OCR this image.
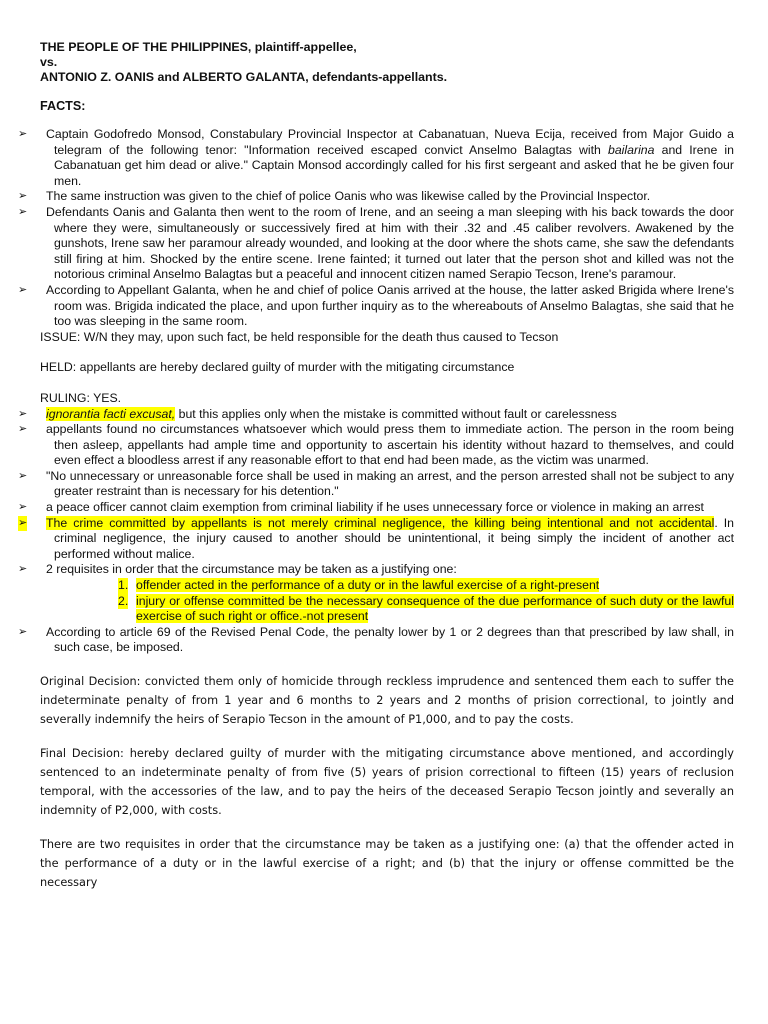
THE PEOPLE OF THE PHILIPPINES, plaintiff-appellee,
vs.
ANTONIO Z. OANIS and ALBERTO GALANTA, defendants-appellants.
FACTS:
➢	Captain Godofredo Monsod, Constabulary Provincial Inspector at Cabanatuan, Nueva Ecija, received from Major Guido a telegram of the following tenor: "Information received escaped convict Anselmo Balagtas with bailarina and Irene in Cabanatuan get him dead or alive." Captain Monsod accordingly called for his first sergeant and asked that he be given four men.
➢	The same instruction was given to the chief of police Oanis who was likewise called by the Provincial Inspector.
➢	Defendants Oanis and Galanta then went to the room of Irene, and an seeing a man sleeping with his back towards the door where they were, simultaneously or successively fired at him with their .32 and .45 caliber revolvers. Awakened by the gunshots, Irene saw her paramour already wounded, and looking at the door where the shots came, she saw the defendants still firing at him. Shocked by the entire scene. Irene fainted; it turned out later that the person shot and killed was not the notorious criminal Anselmo Balagtas but a peaceful and innocent citizen named Serapio Tecson, Irene's paramour.
➢	According to Appellant Galanta, when he and chief of police Oanis arrived at the house, the latter asked Brigida where Irene's room was. Brigida indicated the place, and upon further inquiry as to the whereabouts of Anselmo Balagtas, she said that he too was sleeping in the same room.
ISSUE: W/N they may, upon such fact, be held responsible for the death thus caused to Tecson
HELD: appellants are hereby declared guilty of murder with the mitigating circumstance
RULING: YES.
➢	ignorantia facti excusat, but this applies only when the mistake is committed without fault or carelessness
➢	appellants found no circumstances whatsoever which would press them to immediate action. The person in the room being then asleep, appellants had ample time and opportunity to ascertain his identity without hazard to themselves, and could even effect a bloodless arrest if any reasonable effort to that end had been made, as the victim was unarmed.
➢	"No unnecessary or unreasonable force shall be used in making an arrest, and the person arrested shall not be subject to any greater restraint than is necessary for his detention."
➢	a peace officer cannot claim exemption from criminal liability if he uses unnecessary force or violence in making an arrest
➢	The crime committed by appellants is not merely criminal negligence, the killing being intentional and not accidental. In criminal negligence, the injury caused to another should be unintentional, it being simply the incident of another act performed without malice.
➢	2 requisites in order that the circumstance may be taken as a justifying one:
1. offender acted in the performance of a duty or in the lawful exercise of a right-present
2. injury or offense committed be the necessary consequence of the due performance of such duty or the lawful exercise of such right or office.-not present
➢	According to article 69 of the Revised Penal Code, the penalty lower by 1 or 2 degrees than that prescribed by law shall, in such case, be imposed.

Original Decision: convicted them only of homicide through reckless imprudence and sentenced them each to suffer the indeterminate penalty of from 1 year and 6 months to 2 years and 2 months of prision correctional, to jointly and severally indemnify the heirs of Serapio Tecson in the amount of P1,000, and to pay the costs.

Final Decision: hereby declared guilty of murder with the mitigating circumstance above mentioned, and accordingly sentenced to an indeterminate penalty of from five (5) years of prision correctional to fifteen (15) years of reclusion temporal, with the accessories of the law, and to pay the heirs of the deceased Serapio Tecson jointly and severally an indemnity of P2,000, with costs.

There are two requisites in order that the circumstance may be taken as a justifying one: (a) that the offender acted in the performance of a duty or in the lawful exercise of a right; and (b) that the injury or offense committed be the necessary
